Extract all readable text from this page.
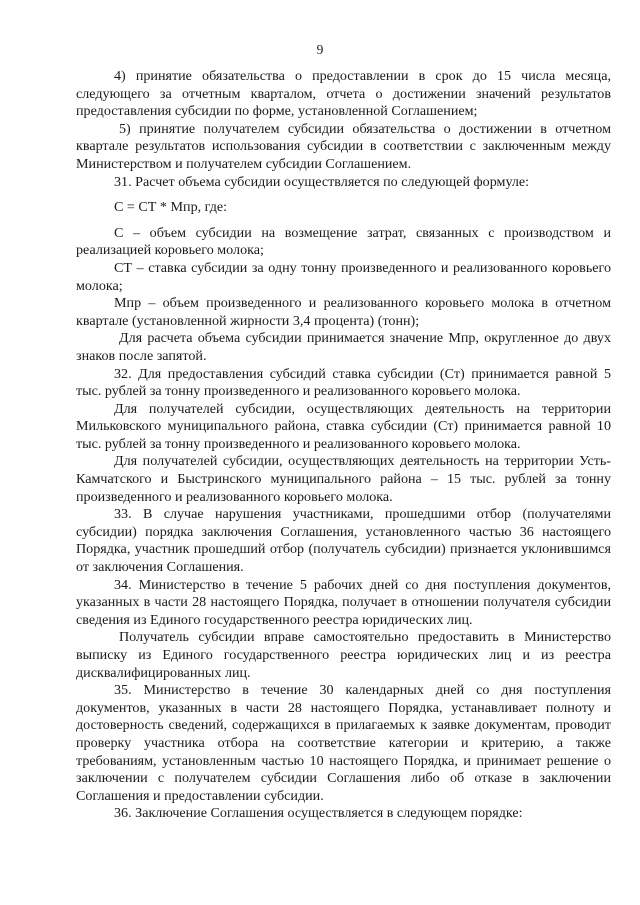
9

4) принятие обязательства о предоставлении в срок до 15 числа месяца, следующего за отчетным кварталом, отчета о достижении значений результатов предоставления субсидии по форме, установленной Соглашением;

5) принятие получателем субсидии обязательства о достижении в отчетном квартале результатов использования субсидии в соответствии с заключенным между Министерством и получателем субсидии Соглашением.

31. Расчет объема субсидии осуществляется по следующей формуле:

С = СТ * Мпр, где:

С – объем субсидии на возмещение затрат, связанных с производством и реализацией коровьего молока;

СТ – ставка субсидии за одну тонну произведенного и реализованного коровьего молока;

Мпр – объем произведенного и реализованного коровьего молока в отчетном квартале (установленной жирности 3,4 процента) (тонн);

Для расчета объема субсидии принимается значение Мпр, округленное до двух знаков после запятой.

32. Для предоставления субсидий ставка субсидии (Ст) принимается равной 5 тыс. рублей за тонну произведенного и реализованного коровьего молока.

Для получателей субсидии, осуществляющих деятельность на территории Мильковского муниципального района, ставка субсидии (Ст) принимается равной 10 тыс. рублей за тонну произведенного и реализованного коровьего молока.

Для получателей субсидии, осуществляющих деятельность на территории Усть-Камчатского и Быстринского муниципального района – 15 тыс. рублей за тонну произведенного и реализованного коровьего молока.

33. В случае нарушения участниками, прошедшими отбор (получателями субсидии) порядка заключения Соглашения, установленного частью 36 настоящего Порядка, участник прошедший отбор (получатель субсидии) признается уклонившимся от заключения Соглашения.

34. Министерство в течение 5 рабочих дней со дня поступления документов, указанных в части 28 настоящего Порядка, получает в отношении получателя субсидии сведения из Единого государственного реестра юридических лиц.

Получатель субсидии вправе самостоятельно предоставить в Министерство выписку из Единого государственного реестра юридических лиц и из реестра дисквалифицированных лиц.

35. Министерство в течение 30 календарных дней со дня поступления документов, указанных в части 28 настоящего Порядка, устанавливает полноту и достоверность сведений, содержащихся в прилагаемых к заявке документам, проводит проверку участника отбора на соответствие категории и критерию, а также требованиям, установленным частью 10 настоящего Порядка, и принимает решение о заключении с получателем субсидии Соглашения либо об отказе в заключении Соглашения и предоставлении субсидии.

36. Заключение Соглашения осуществляется в следующем порядке:
